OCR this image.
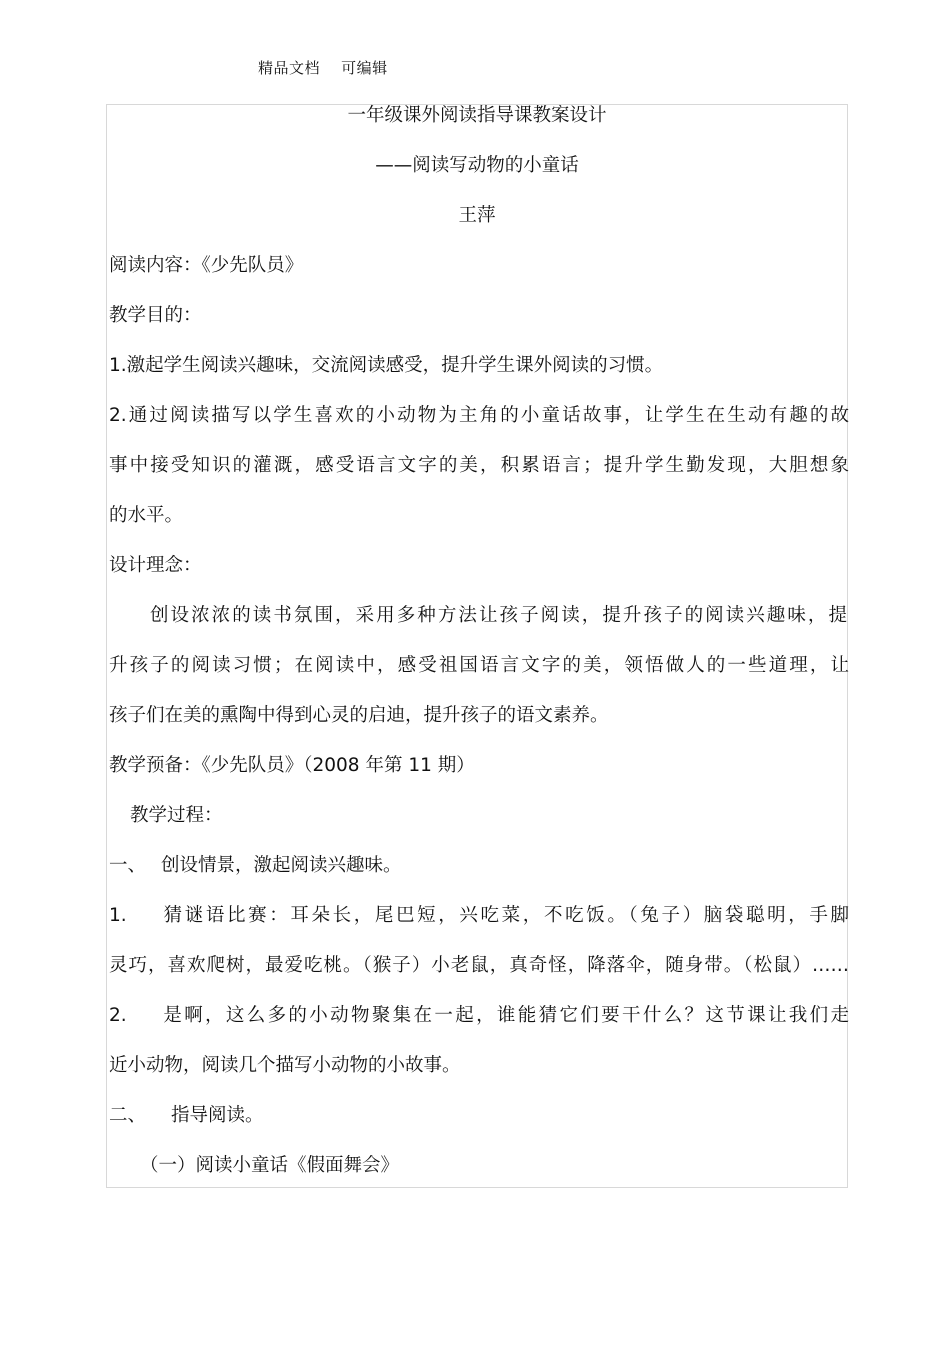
精品文档    可编辑
一年级课外阅读指导课教案设计
——阅读写动物的小童话
王萍
阅读内容：《少先队员》
教学目的：
1.激起学生阅读兴趣味，交流阅读感受，提升学生课外阅读的习惯。
2.通过阅读描写以学生喜欢的小动物为主角的小童话故事，让学生在生动有趣的故
事中接受知识的灌溉，感受语言文字的美，积累语言；提升学生勤发现，大胆想象
的水平。
设计理念：
创设浓浓的读书氛围，采用多种方法让孩子阅读，提升孩子的阅读兴趣味，提
升孩子的阅读习惯；在阅读中，感受祖国语言文字的美，领悟做人的一些道理，让
孩子们在美的熏陶中得到心灵的启迪，提升孩子的语文素养。
教学预备：《少先队员》（2008 年第 11 期）
教学过程：
一、 创设情景，激起阅读兴趣味。
1. 猜谜语比赛：耳朵长，尾巴短，兴吃菜，不吃饭。（兔子）脑袋聪明，手脚
灵巧，喜欢爬树，最爱吃桃。（猴子）小老鼠，真奇怪，降落伞，随身带。（松鼠）……
2. 是啊，这么多的小动物聚集在一起，谁能猜它们要干什么？这节课让我们走
近小动物，阅读几个描写小动物的小故事。
二、 指导阅读。
（一）阅读小童话《假面舞会》
